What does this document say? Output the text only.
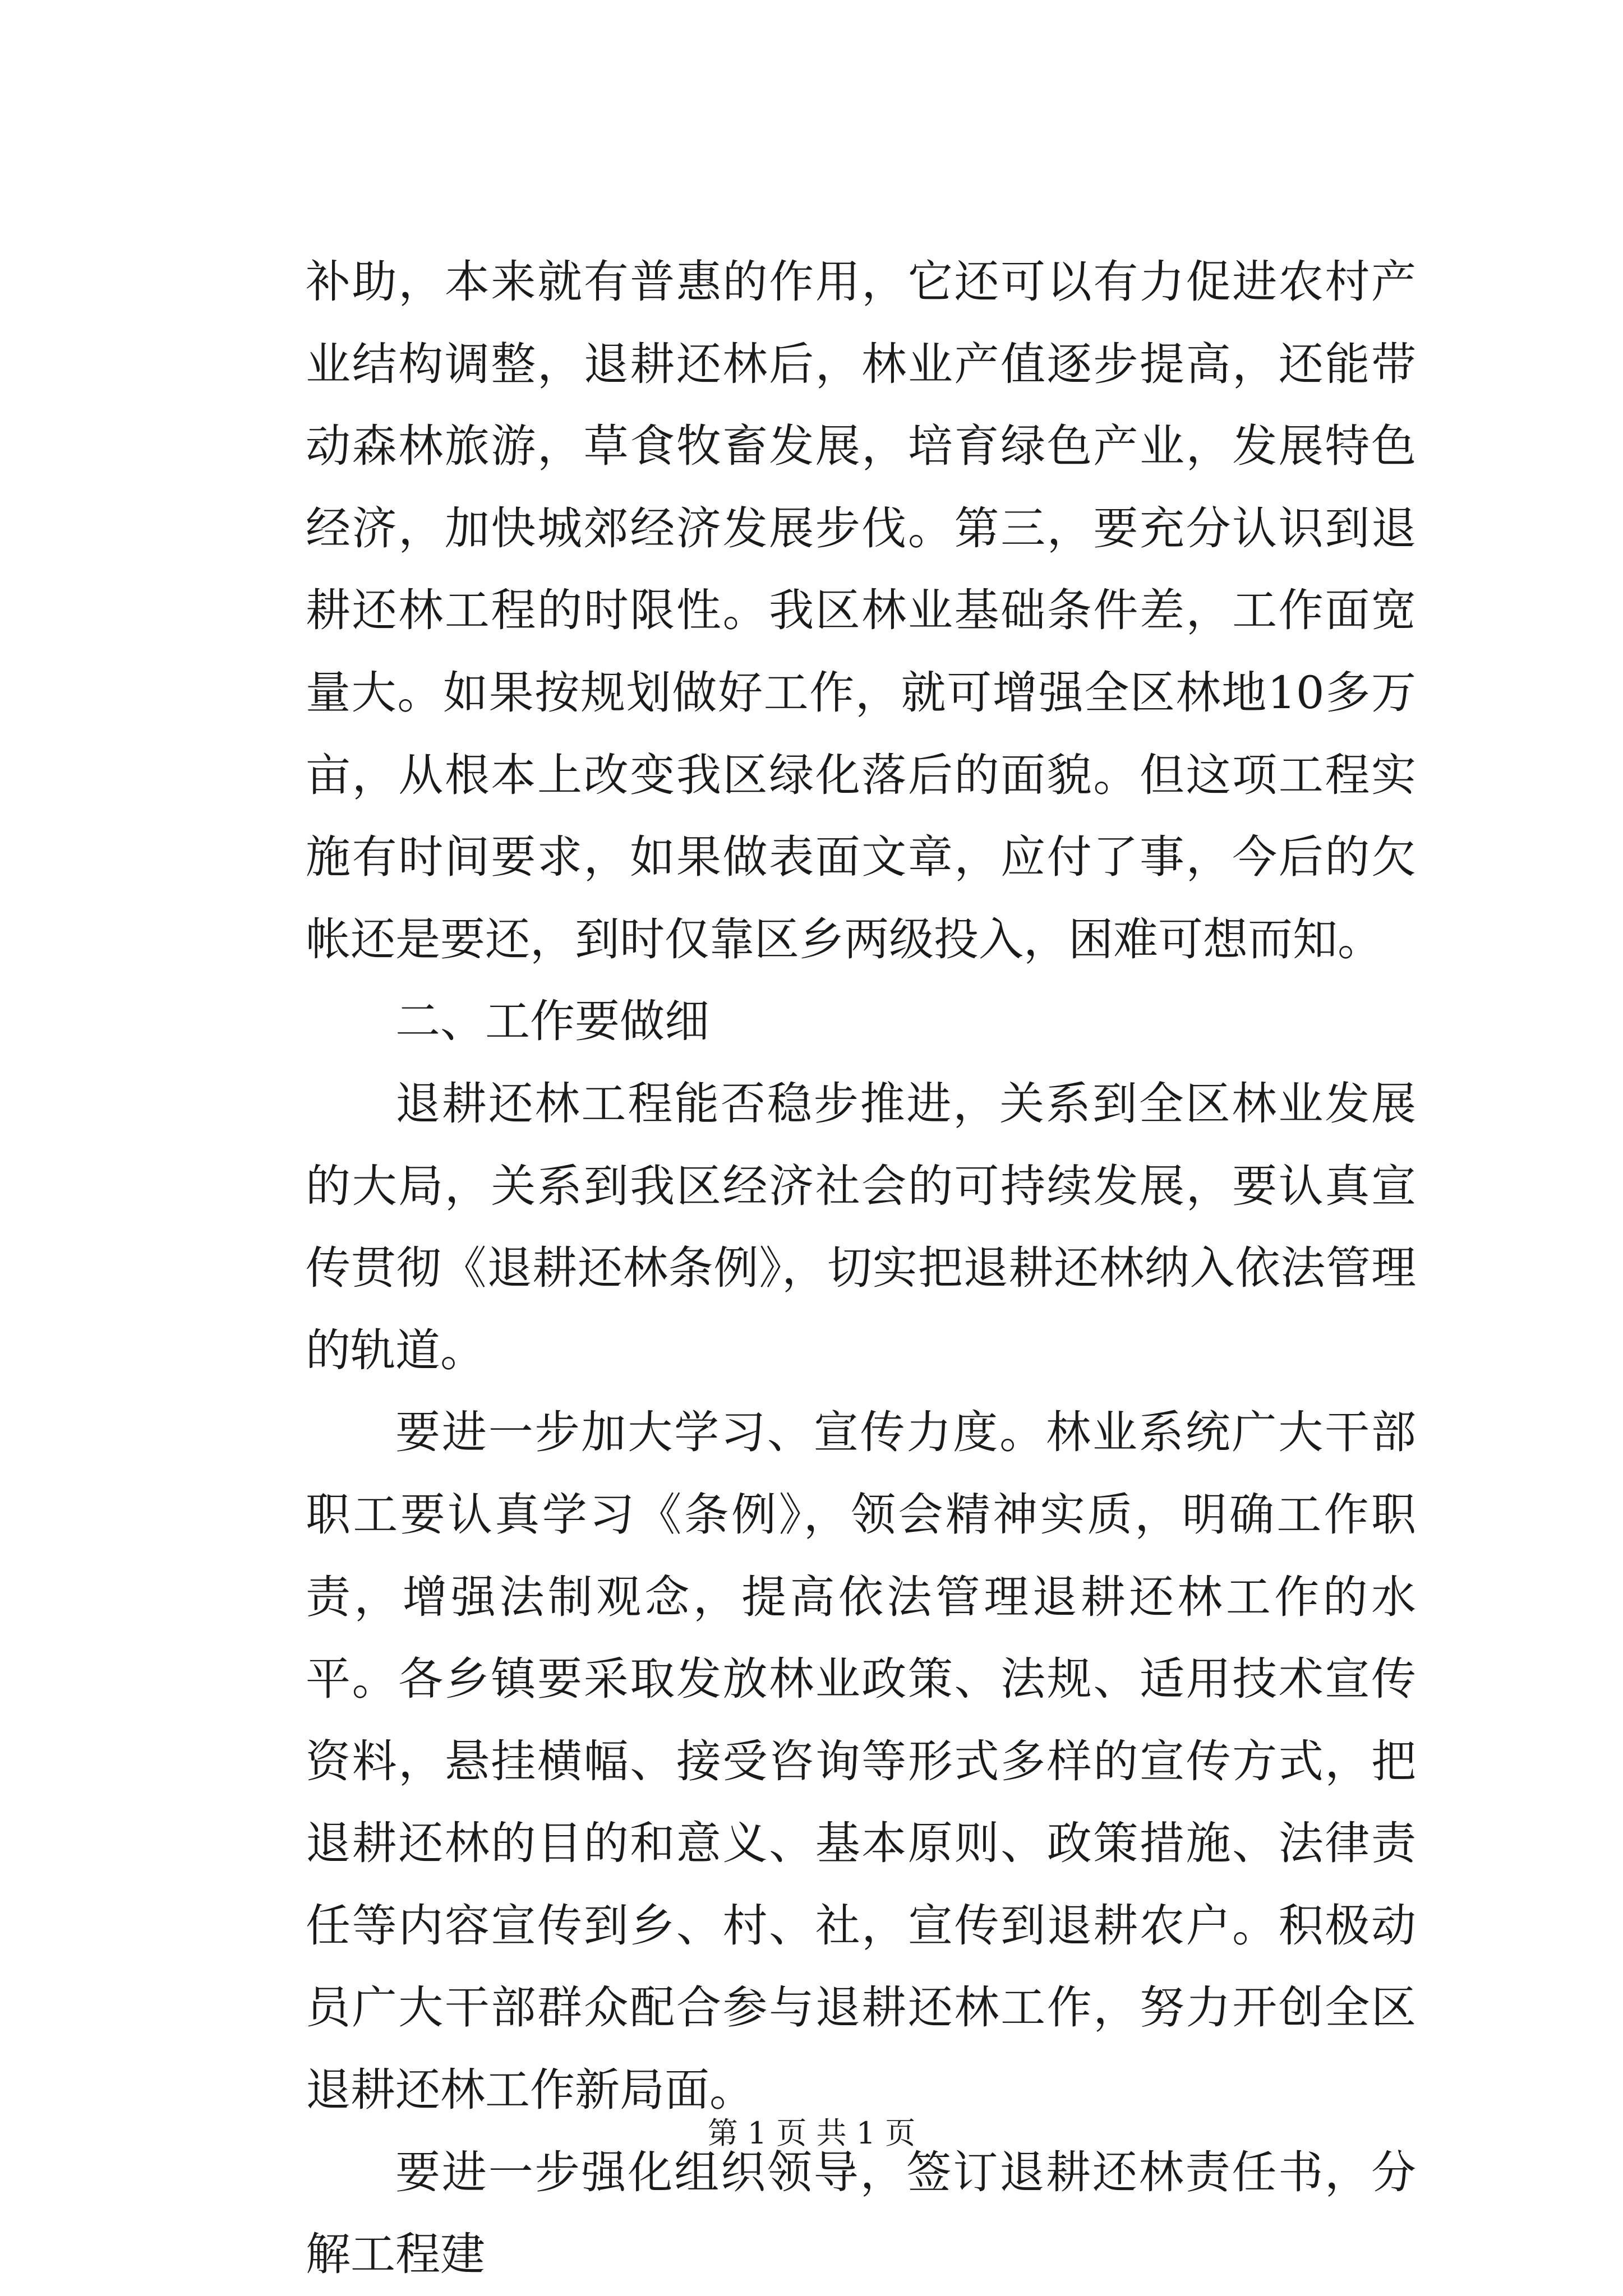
补助，本来就有普惠的作用，它还可以有力促进农村产业结构调整，退耕还林后，林业产值逐步提高，还能带动森林旅游，草食牧畜发展，培育绿色产业，发展特色经济，加快城郊经济发展步伐。第三，要充分认识到退耕还林工程的时限性。我区林业基础条件差，工作面宽量大。如果按规划做好工作，就可增强全区林地10多万亩，从根本上改变我区绿化落后的面貌。但这项工程实施有时间要求，如果做表面文章，应付了事，今后的欠帐还是要还，到时仅靠区乡两级投入，困难可想而知。

二、工作要做细

退耕还林工程能否稳步推进，关系到全区林业发展的大局，关系到我区经济社会的可持续发展，要认真宣传贯彻《退耕还林条例》，切实把退耕还林纳入依法管理的轨道。

要进一步加大学习、宣传力度。林业系统广大干部职工要认真学习《条例》，领会精神实质，明确工作职责，增强法制观念，提高依法管理退耕还林工作的水平。各乡镇要采取发放林业政策、法规、适用技术宣传资料，悬挂横幅、接受咨询等形式多样的宣传方式，把退耕还林的目的和意义、基本原则、政策措施、法律责任等内容宣传到乡、村、社，宣传到退耕农户。积极动员广大干部群众配合参与退耕还林工作，努力开创全区退耕还林工作新局面。

要进一步强化组织领导，签订退耕还林责任书，分解工程建

第 1 页 共 1 页
